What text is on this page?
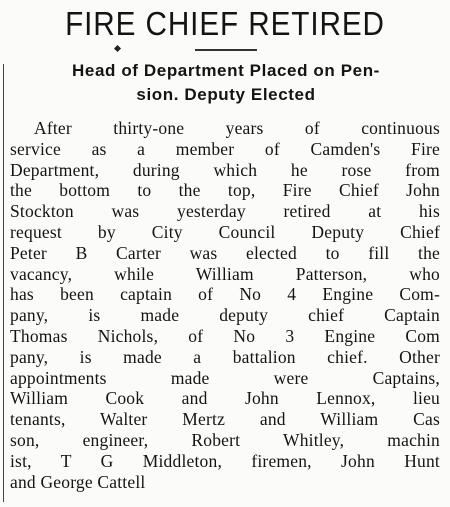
FIRE CHIEF RETIRED
Head of Department Placed on Pen-
sion. Deputy Elected
After thirty-one years of continuous
service as a member of Camden's Fire
Department, during which he rose from
the bottom to the top, Fire Chief John
Stockton was yesterday retired at his
request by City Council Deputy Chief
Peter B Carter was elected to fill the
vacancy, while William Patterson, who
has been captain of No 4 Engine Com-
pany, is made deputy chief Captain
Thomas Nichols, of No 3 Engine Com
pany, is made a battalion chief. Other
appointments made were Captains,
William Cook and John Lennox, lieu
tenants, Walter Mertz and William Cas
son, engineer, Robert Whitley, machin
ist, T G Middleton, firemen, John Hunt
and George Cattell
